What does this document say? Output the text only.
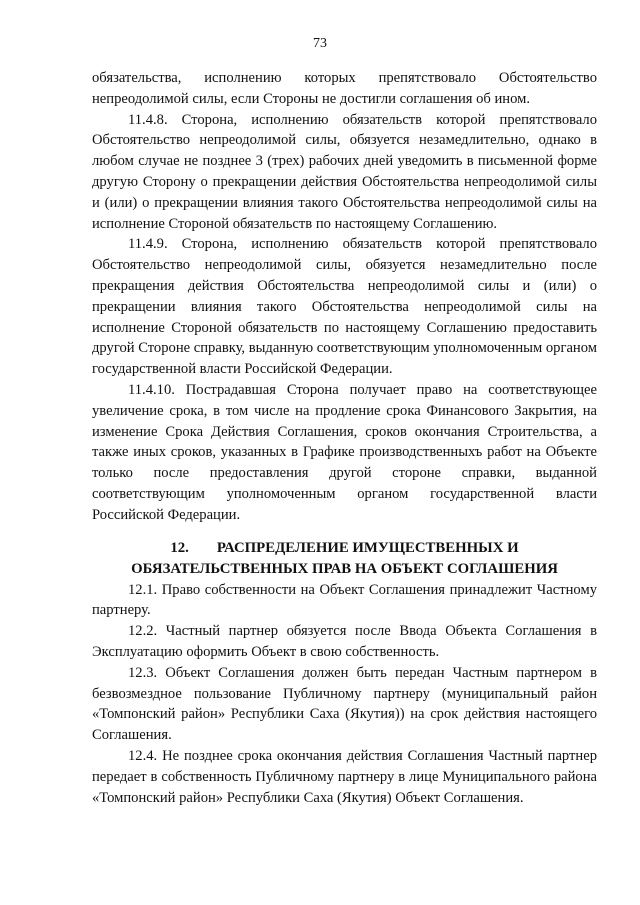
73

обязательства, исполнению которых препятствовало Обстоятельство непреодолимой силы, если Стороны не достигли соглашения об ином.

11.4.8. Сторона, исполнению обязательств которой препятствовало Обстоятельство непреодолимой силы, обязуется незамедлительно, однако в любом случае не позднее 3 (трех) рабочих дней уведомить в письменной форме другую Сторону о прекращении действия Обстоятельства непреодолимой силы и (или) о прекращении влияния такого Обстоятельства непреодолимой силы на исполнение Стороной обязательств по настоящему Соглашению.

11.4.9. Сторона, исполнению обязательств которой препятствовало Обстоятельство непреодолимой силы, обязуется незамедлительно после прекращения действия Обстоятельства непреодолимой силы и (или) о прекращении влияния такого Обстоятельства непреодолимой силы на исполнение Стороной обязательств по настоящему Соглашению предоставить другой Стороне справку, выданную соответствующим уполномоченным органом государственной власти Российской Федерации.

11.4.10. Пострадавшая Сторона получает право на соответствующее увеличение срока, в том числе на продление срока Финансового Закрытия, на изменение Срока Действия Соглашения, сроков окончания Строительства, а также иных сроков, указанных в Графике производственныхъ работ на Объекте только после предоставления другой стороне справки, выданной соответствующим уполномоченным органом государственной власти Российской Федерации.

12. РАСПРЕДЕЛЕНИЕ ИМУЩЕСТВЕННЫХ И
ОБЯЗАТЕЛЬСТВЕННЫХ ПРАВ НА ОБЪЕКТ СОГЛАШЕНИЯ

12.1. Право собственности на Объект Соглашения принадлежит Частному партнеру.

12.2. Частный партнер обязуется после Ввода Объекта Соглашения в Эксплуатацию оформить Объект в свою собственность.

12.3. Объект Соглашения должен быть передан Частным партнером в безвозмездное пользование Публичному партнеру (муниципальный район «Томпонский район» Республики Саха (Якутия)) на срок действия настоящего Соглашения.

12.4. Не позднее срока окончания действия Соглашения Частный партнер передает в собственность Публичному партнеру в лице Муниципального района «Томпонский район» Республики Саха (Якутия) Объект Соглашения.
